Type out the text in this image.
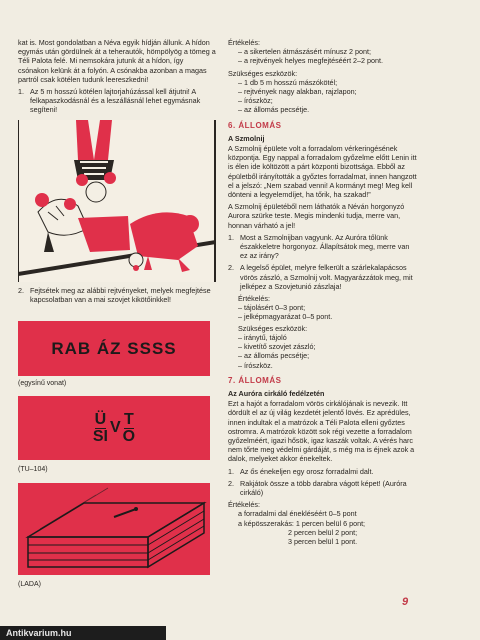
kat is. Most gondolatban a Néva egyik hídján állunk. A hídon egymás után gördülnek át a teherautók, hömpölyög a tömeg a Téli Palota felé. Mi nemsokára jutunk át a hídon, így csónakon kelünk át a folyón. A csónakba azonban a magas partról csak kötélen tudunk leereszkedni!

1. Az 5 m hosszú kötélen lajtorjahúzással kell átjutni! A felkapaszkodásnál és a leszállásnál lehet egymásnak segíteni!
2. Fejtsétek meg az alábbi rejtvényeket, melyek megfejtése kapcsolatban van a mai szovjet kikötőinkkel!
RAB ÁZ SSSS
(egysínű vonat)
$\frac{Ü}{SI}$ V $\frac{T}{O}$
(TU–104)
(LADA)
Értékelés:
– a sikertelen átmászásért mínusz 2 pont;
– a rejtvények helyes megfejtéséért 2–2 pont.
Szükséges eszközök:
– 1 db 5 m hosszú mászókötél;
– rejtvények nagy alakban, rajzlapon;
– írószköz;
– az állomás pecsétje.
6. ÁLLOMÁS
A Szmolnij

A Szmolnij épülete volt a forradalom vérkeringésének központja. Egy nappal a forradalom győzelme előtt Lenin itt is élen ide költözött a párt központi bizottsága. Ebből az épületből irányították a győztes forradalmat, innen hangzott el a jelszó: „Nem szabad venni! A kormányt meg! Meg kell dönteni a legyelemdíjet, ha tőrik, ha szakad!”

A Szmolnij épületéből nem láthatók a Néván horgonyzó Aurora szürke teste. Megis mindenki tudja, merre van, honnan várható a jel!

1. Most a Szmolnijban vagyunk. Az Auróra tőlünk északkeletre horgonyoz. Állapítsátok meg, merre van ez az irány?
2. A legelső épület, melyre felkerült a szárlekalapácsos vörös zászló, a Szmolnij volt. Magyarázzátok meg, mit jelképez a Szovjetunió zászlaja!
Értékelés:
– tájolásért 0–3 pont;
– jelképmagyarázat 0–5 pont.
Szükséges eszközök:
– iránytű, tájoló
– kivetítő szovjet zászló;
– az állomás pecsétje;
– írószköz.
7. ÁLLOMÁS
Az Auróra cirkáló fedélzetén

Ezt a hajót a forradalom vörös cirkálójának is nevezik. Itt dördült el az új világ kezdetét jelentő lövés. Ez aprédüles, innen indultak el a matrózok a Téli Palota elleni győztes ostromra. A matrózok között sok régi vezette a forradalom győzelméért, igazi hősök, igaz kaszák voltak. A vérés harc nem tőrte meg védelmi gárdáját, s még ma is éjnek azok a dalok, melyeket akkor énekeltek.

1. Az ős énekeljen egy orosz forradalmi dalt.
2. Rakjátok össze a több darabra vágott képet! (Auróra cirkáló)
Értékelés:
a forradalmi dal énekléséért 0–5 pont
a képösszerakás: 1 percen belül 6 pont;
2 percen belül 2 pont;
3 percen belül 1 pont.
9
Antikvarium.hu
